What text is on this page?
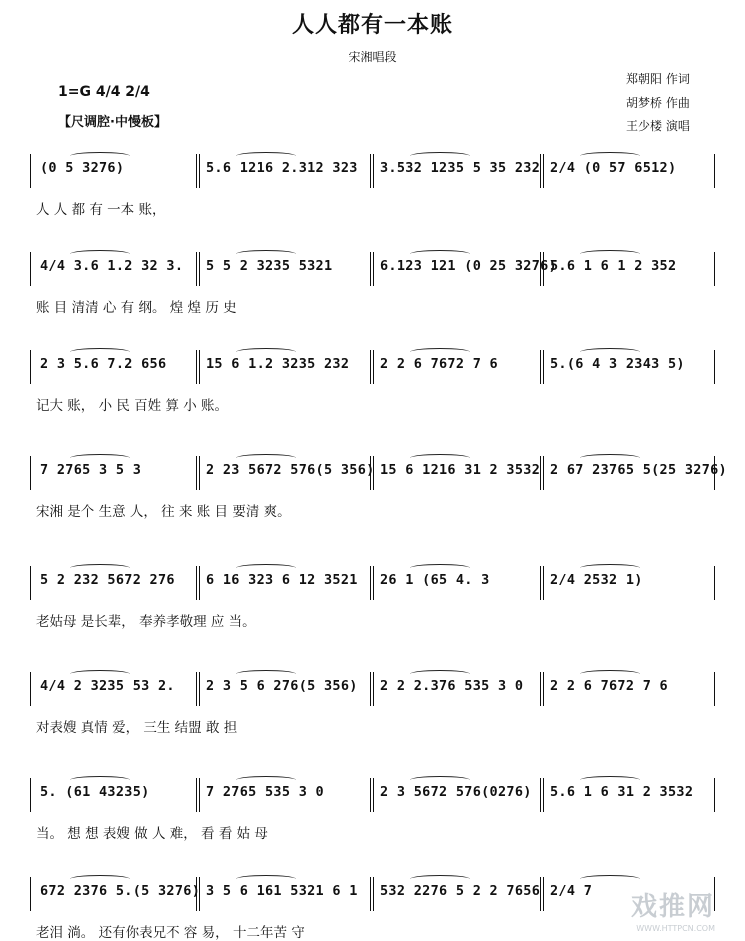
人人都有一本账
宋湘唱段
郑朝阳 作词
胡梦桥 作曲
王少楼 演唱
1=G 4/4 2/4
【尺调腔·中慢板】
(0 5 3276)	5.6 1216 2.312 323 3.532 1235 5 35 232 2/4 (0 57 6512)
人 人 都 有 一本 账，
4/4 3.6 1.2 32 3. 5 5 2 3235 5321	6.123 121 (0 25 3276)
5.6 1 6 1 2 352
账 目 清清 心 有 纲。 煌 煌 历 史
2 3 5.6 7.2 656	15 6 1.2 3235 232 2 2 6 7672 7 6	5.(6 4 3 2343 5)
记大 账， 小 民 百姓 算 小 账。
7 2765 3 5 3	2 23 5672 576(5 356) 15 6 1216 31 2 3532 2 67 23765 5(25 3276)
宋湘 是个 生意 人， 往 来 账 目 要清 爽。
5 2 232 5672 276 6 16 323 6 12 3521 26 1 (65 4. 3	2/4 2532 1)
老姑母 是长辈， 奉养孝敬理 应 当。
4/4 2 3235 53 2. 2 3 5 6 276(5 356) 2 2 2.376 535 3 0 2 2 6 7672 7 6
对表嫂 真情 爱， 三生 结盟 敢 担
5. (61 43235)	7 2765 535 3 0	2 3 5672 576(0276) 5.6 1 6 31 2 3532
当。 想 想 表嫂 做 人 难， 看 看 姑 母
672 2376 5.(5 3276) 3 5 6 161 5321 6 1 532 2276 5 2 2 7656 2/4 7
老泪 淌。 还有你表兄不 容 易， 十二年苦 守
戏推网
WWW.HTTPCN.COM
